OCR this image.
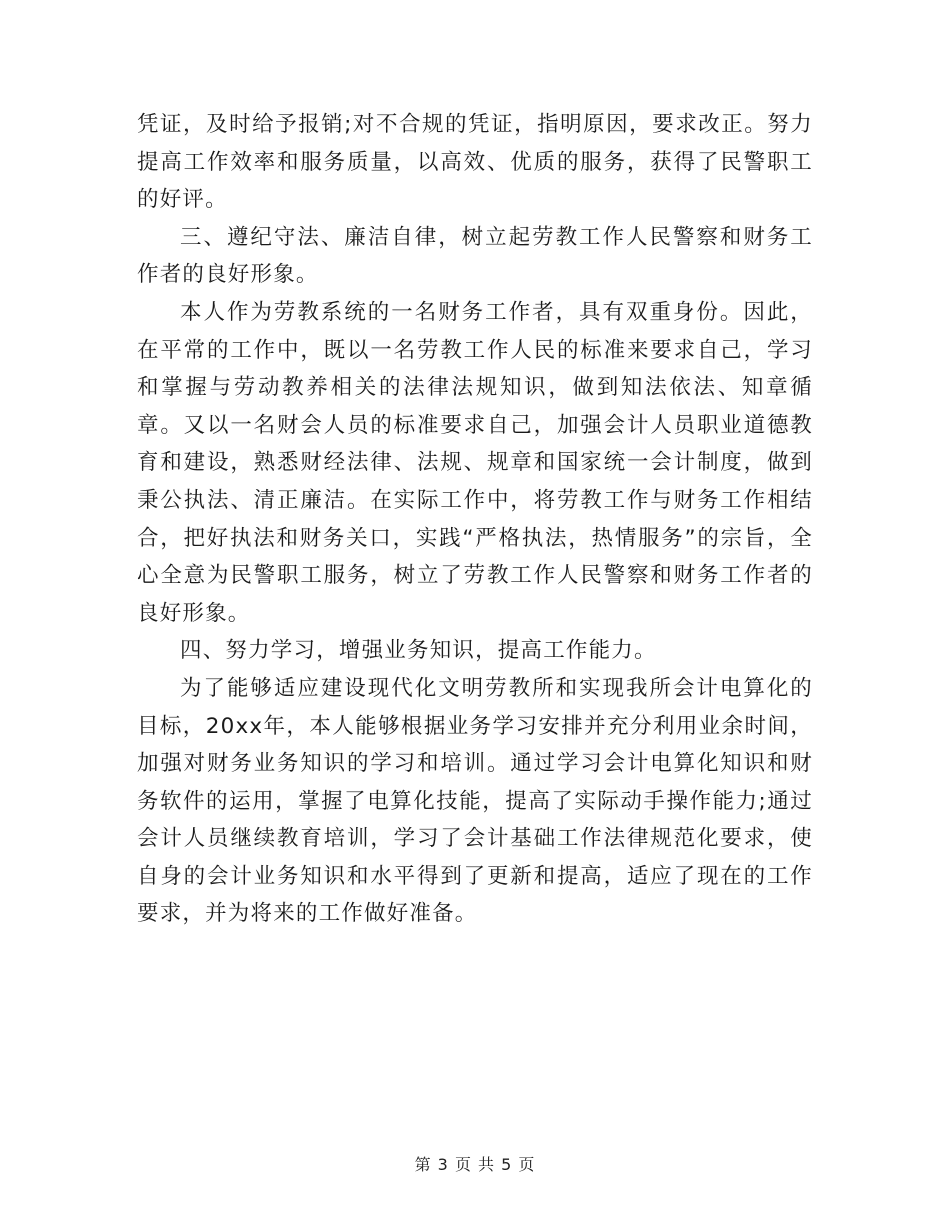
凭证，及时给予报销;对不合规的凭证，指明原因，要求改正。努力提高工作效率和服务质量，以高效、优质的服务，获得了民警职工的好评。

三、遵纪守法、廉洁自律，树立起劳教工作人民警察和财务工作者的良好形象。

本人作为劳教系统的一名财务工作者，具有双重身份。因此，在平常的工作中，既以一名劳教工作人民的标准来要求自己，学习和掌握与劳动教养相关的法律法规知识，做到知法依法、知章循章。又以一名财会人员的标准要求自己，加强会计人员职业道德教育和建设，熟悉财经法律、法规、规章和国家统一会计制度，做到秉公执法、清正廉洁。在实际工作中，将劳教工作与财务工作相结合，把好执法和财务关口，实践“严格执法，热情服务”的宗旨，全心全意为民警职工服务，树立了劳教工作人民警察和财务工作者的良好形象。

四、努力学习，增强业务知识，提高工作能力。

为了能够适应建设现代化文明劳教所和实现我所会计电算化的目标，20xx年，本人能够根据业务学习安排并充分利用业余时间，加强对财务业务知识的学习和培训。通过学习会计电算化知识和财务软件的运用，掌握了电算化技能，提高了实际动手操作能力;通过会计人员继续教育培训，学习了会计基础工作法律规范化要求，使自身的会计业务知识和水平得到了更新和提高，适应了现在的工作要求，并为将来的工作做好准备。

第 3 页 共 5 页
